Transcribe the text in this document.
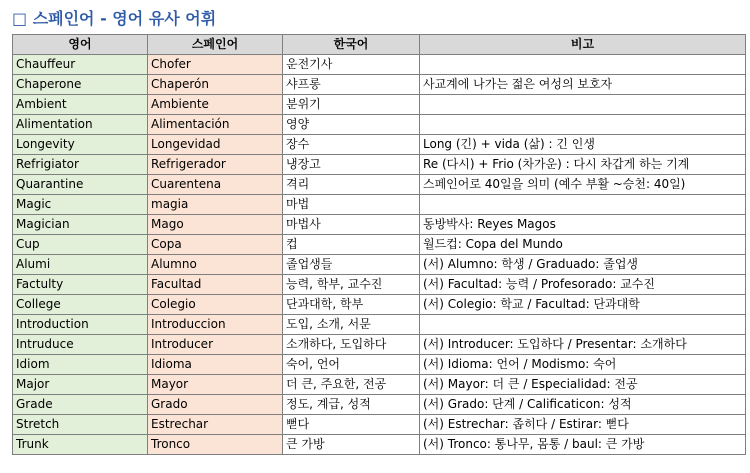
□ 스페인어 - 영어 유사 어휘
영어	스페인어	한국어	비고
Chauffeur	Chofer	운전기사	
Chaperone	Chaperón	샤프롱	사교계에 나가는 젊은 여성의 보호자
Ambient	Ambiente	분위기	
Alimentation	Alimentación	영양	
Longevity	Longevidad	장수	Long (긴) + vida (삶) : 긴 인생
Refrigiator	Refrigerador	냉장고	Re (다시) + Frio (차가운) : 다시 차갑게 하는 기계
Quarantine	Cuarentena	격리	스페인어로 40일을 의미 (예수 부활 ~승천: 40일)
Magic	magia	마법	
Magician	Mago	마법사	동방박사: Reyes Magos
Cup	Copa	컵	월드컵: Copa del Mundo
Alumi	Alumno	졸업생들	(서) Alumno: 학생 / Graduado: 졸업생
Factulty	Facultad	능력, 학부, 교수진	(서) Facultad: 능력 / Profesorado: 교수진
College	Colegio	단과대학, 학부	(서) Colegio: 학교 / Facultad: 단과대학
Introduction	Introduccion	도입, 소개, 서문	
Intruduce	Introducer	소개하다, 도입하다	(서) Introducer: 도입하다 / Presentar: 소개하다
Idiom	Idioma	숙어, 언어	(서) Idioma: 언어 / Modismo: 숙어
Major	Mayor	더 큰, 주요한, 전공	(서) Mayor: 더 큰 / Especialidad: 전공
Grade	Grado	정도, 계급, 성적	(서) Grado: 단계 / Calificaticon: 성적
Stretch	Estrechar	뻗다	(서) Estrechar: 좁히다 / Estirar: 뻗다
Trunk	Tronco	큰 가방	(서) Tronco: 통나무, 몸통 / baul: 큰 가방
